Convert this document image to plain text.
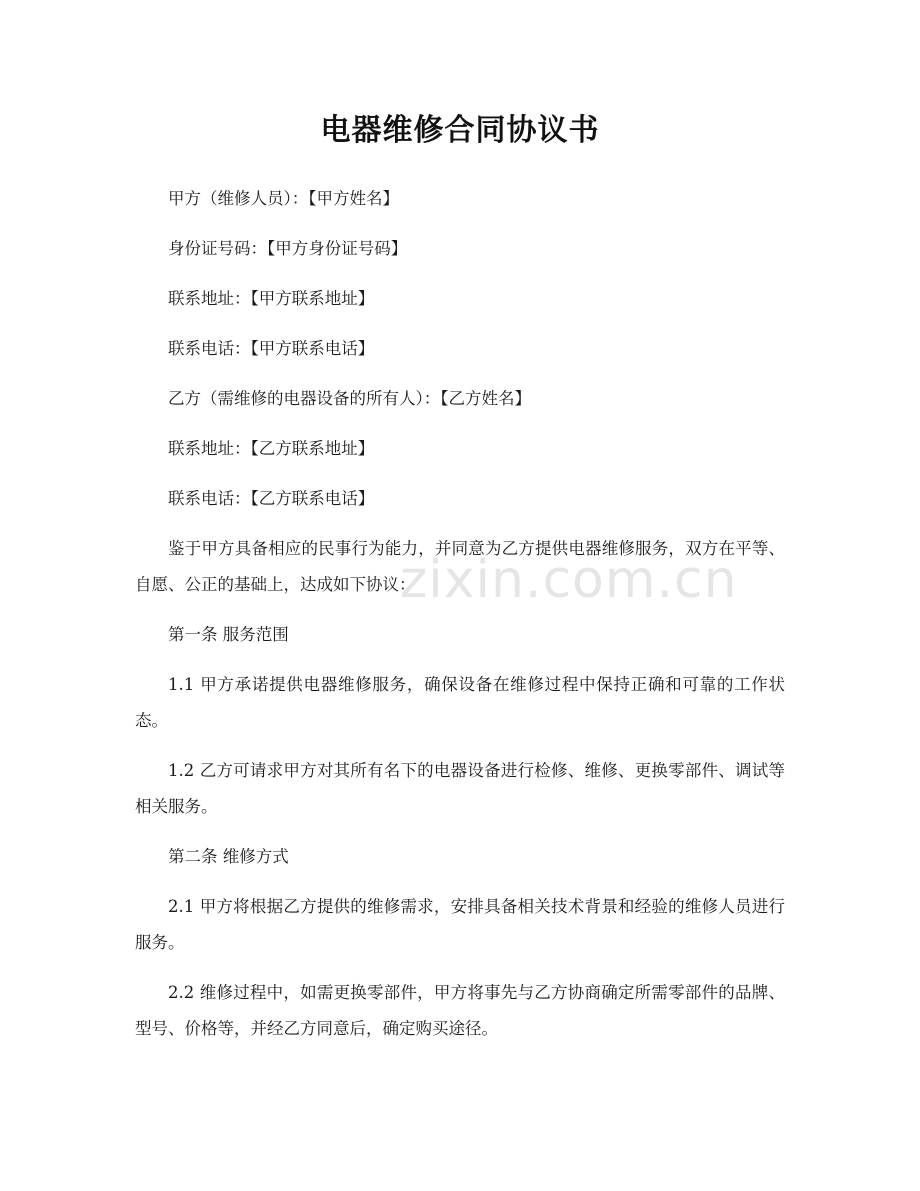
zixin.com.cn
电器维修合同协议书

甲方（维修人员）：【甲方姓名】

身份证号码：【甲方身份证号码】

联系地址：【甲方联系地址】

联系电话：【甲方联系电话】

乙方（需维修的电器设备的所有人）：【乙方姓名】

联系地址：【乙方联系地址】

联系电话：【乙方联系电话】

鉴于甲方具备相应的民事行为能力，并同意为乙方提供电器维修服务，双方在平等、自愿、公正的基础上，达成如下协议：

第一条 服务范围

1.1 甲方承诺提供电器维修服务，确保设备在维修过程中保持正确和可靠的工作状态。

1.2 乙方可请求甲方对其所有名下的电器设备进行检修、维修、更换零部件、调试等相关服务。

第二条 维修方式

2.1 甲方将根据乙方提供的维修需求，安排具备相关技术背景和经验的维修人员进行服务。

2.2 维修过程中，如需更换零部件，甲方将事先与乙方协商确定所需零部件的品牌、型号、价格等，并经乙方同意后，确定购买途径。
